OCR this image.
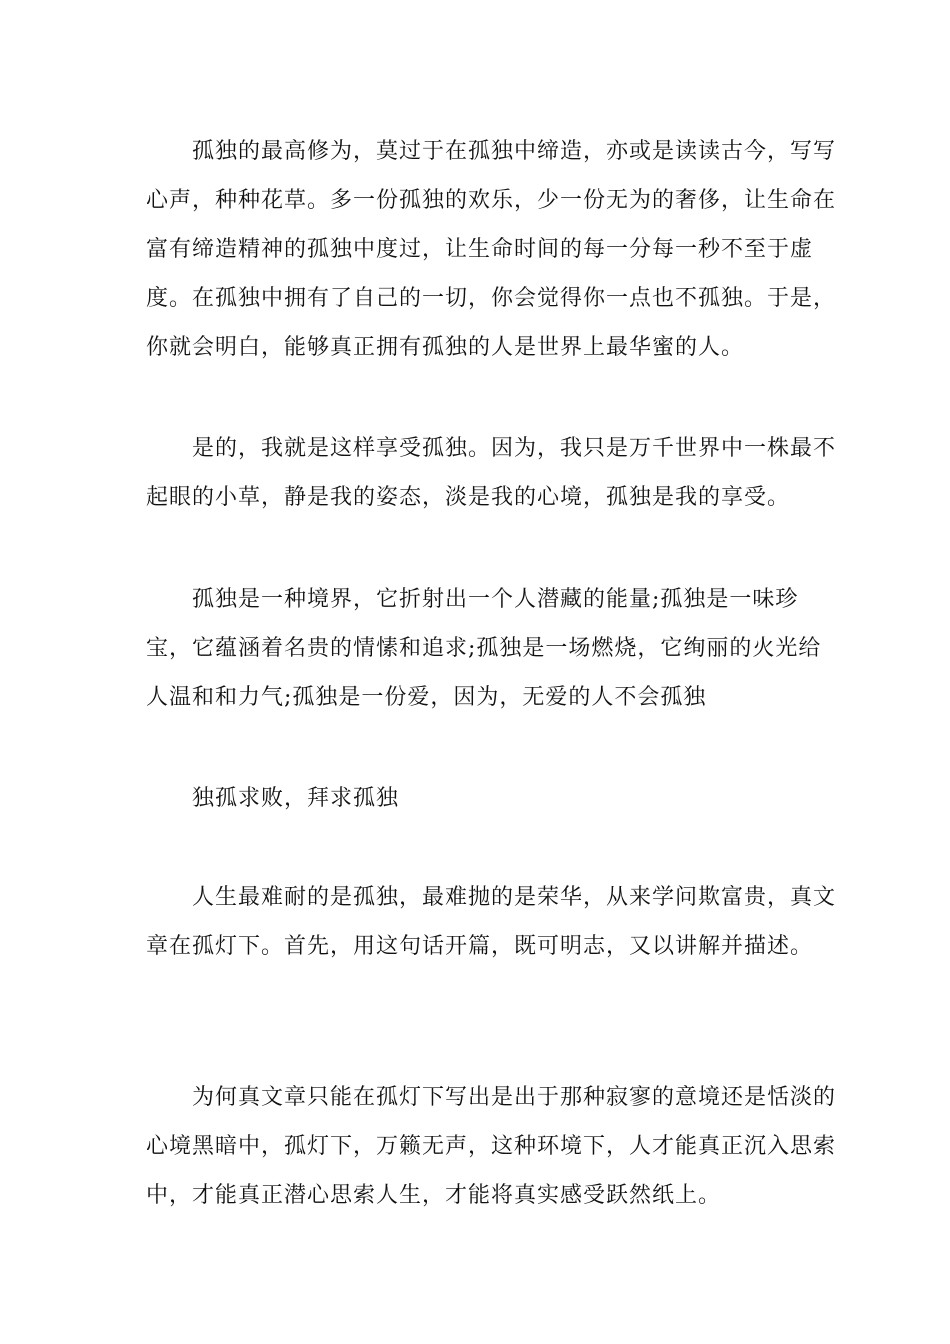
孤独的最高修为，莫过于在孤独中缔造，亦或是读读古今，写写心声，种种花草。多一份孤独的欢乐，少一份无为的奢侈，让生命在富有缔造精神的孤独中度过，让生命时间的每一分每一秒不至于虚度。在孤独中拥有了自己的一切，你会觉得你一点也不孤独。于是，你就会明白，能够真正拥有孤独的人是世界上最华蜜的人。

是的，我就是这样享受孤独。因为，我只是万千世界中一株最不起眼的小草，静是我的姿态，淡是我的心境，孤独是我的享受。

孤独是一种境界，它折射出一个人潜藏的能量;孤独是一味珍宝，它蕴涵着名贵的情愫和追求;孤独是一场燃烧，它绚丽的火光给人温和和力气;孤独是一份爱，因为，无爱的人不会孤独

独孤求败，拜求孤独

人生最难耐的是孤独，最难抛的是荣华，从来学问欺富贵，真文章在孤灯下。首先，用这句话开篇，既可明志，又以讲解并描述。

为何真文章只能在孤灯下写出是出于那种寂寥的意境还是恬淡的心境黑暗中，孤灯下，万籁无声，这种环境下，人才能真正沉入思索中，才能真正潜心思索人生，才能将真实感受跃然纸上。
